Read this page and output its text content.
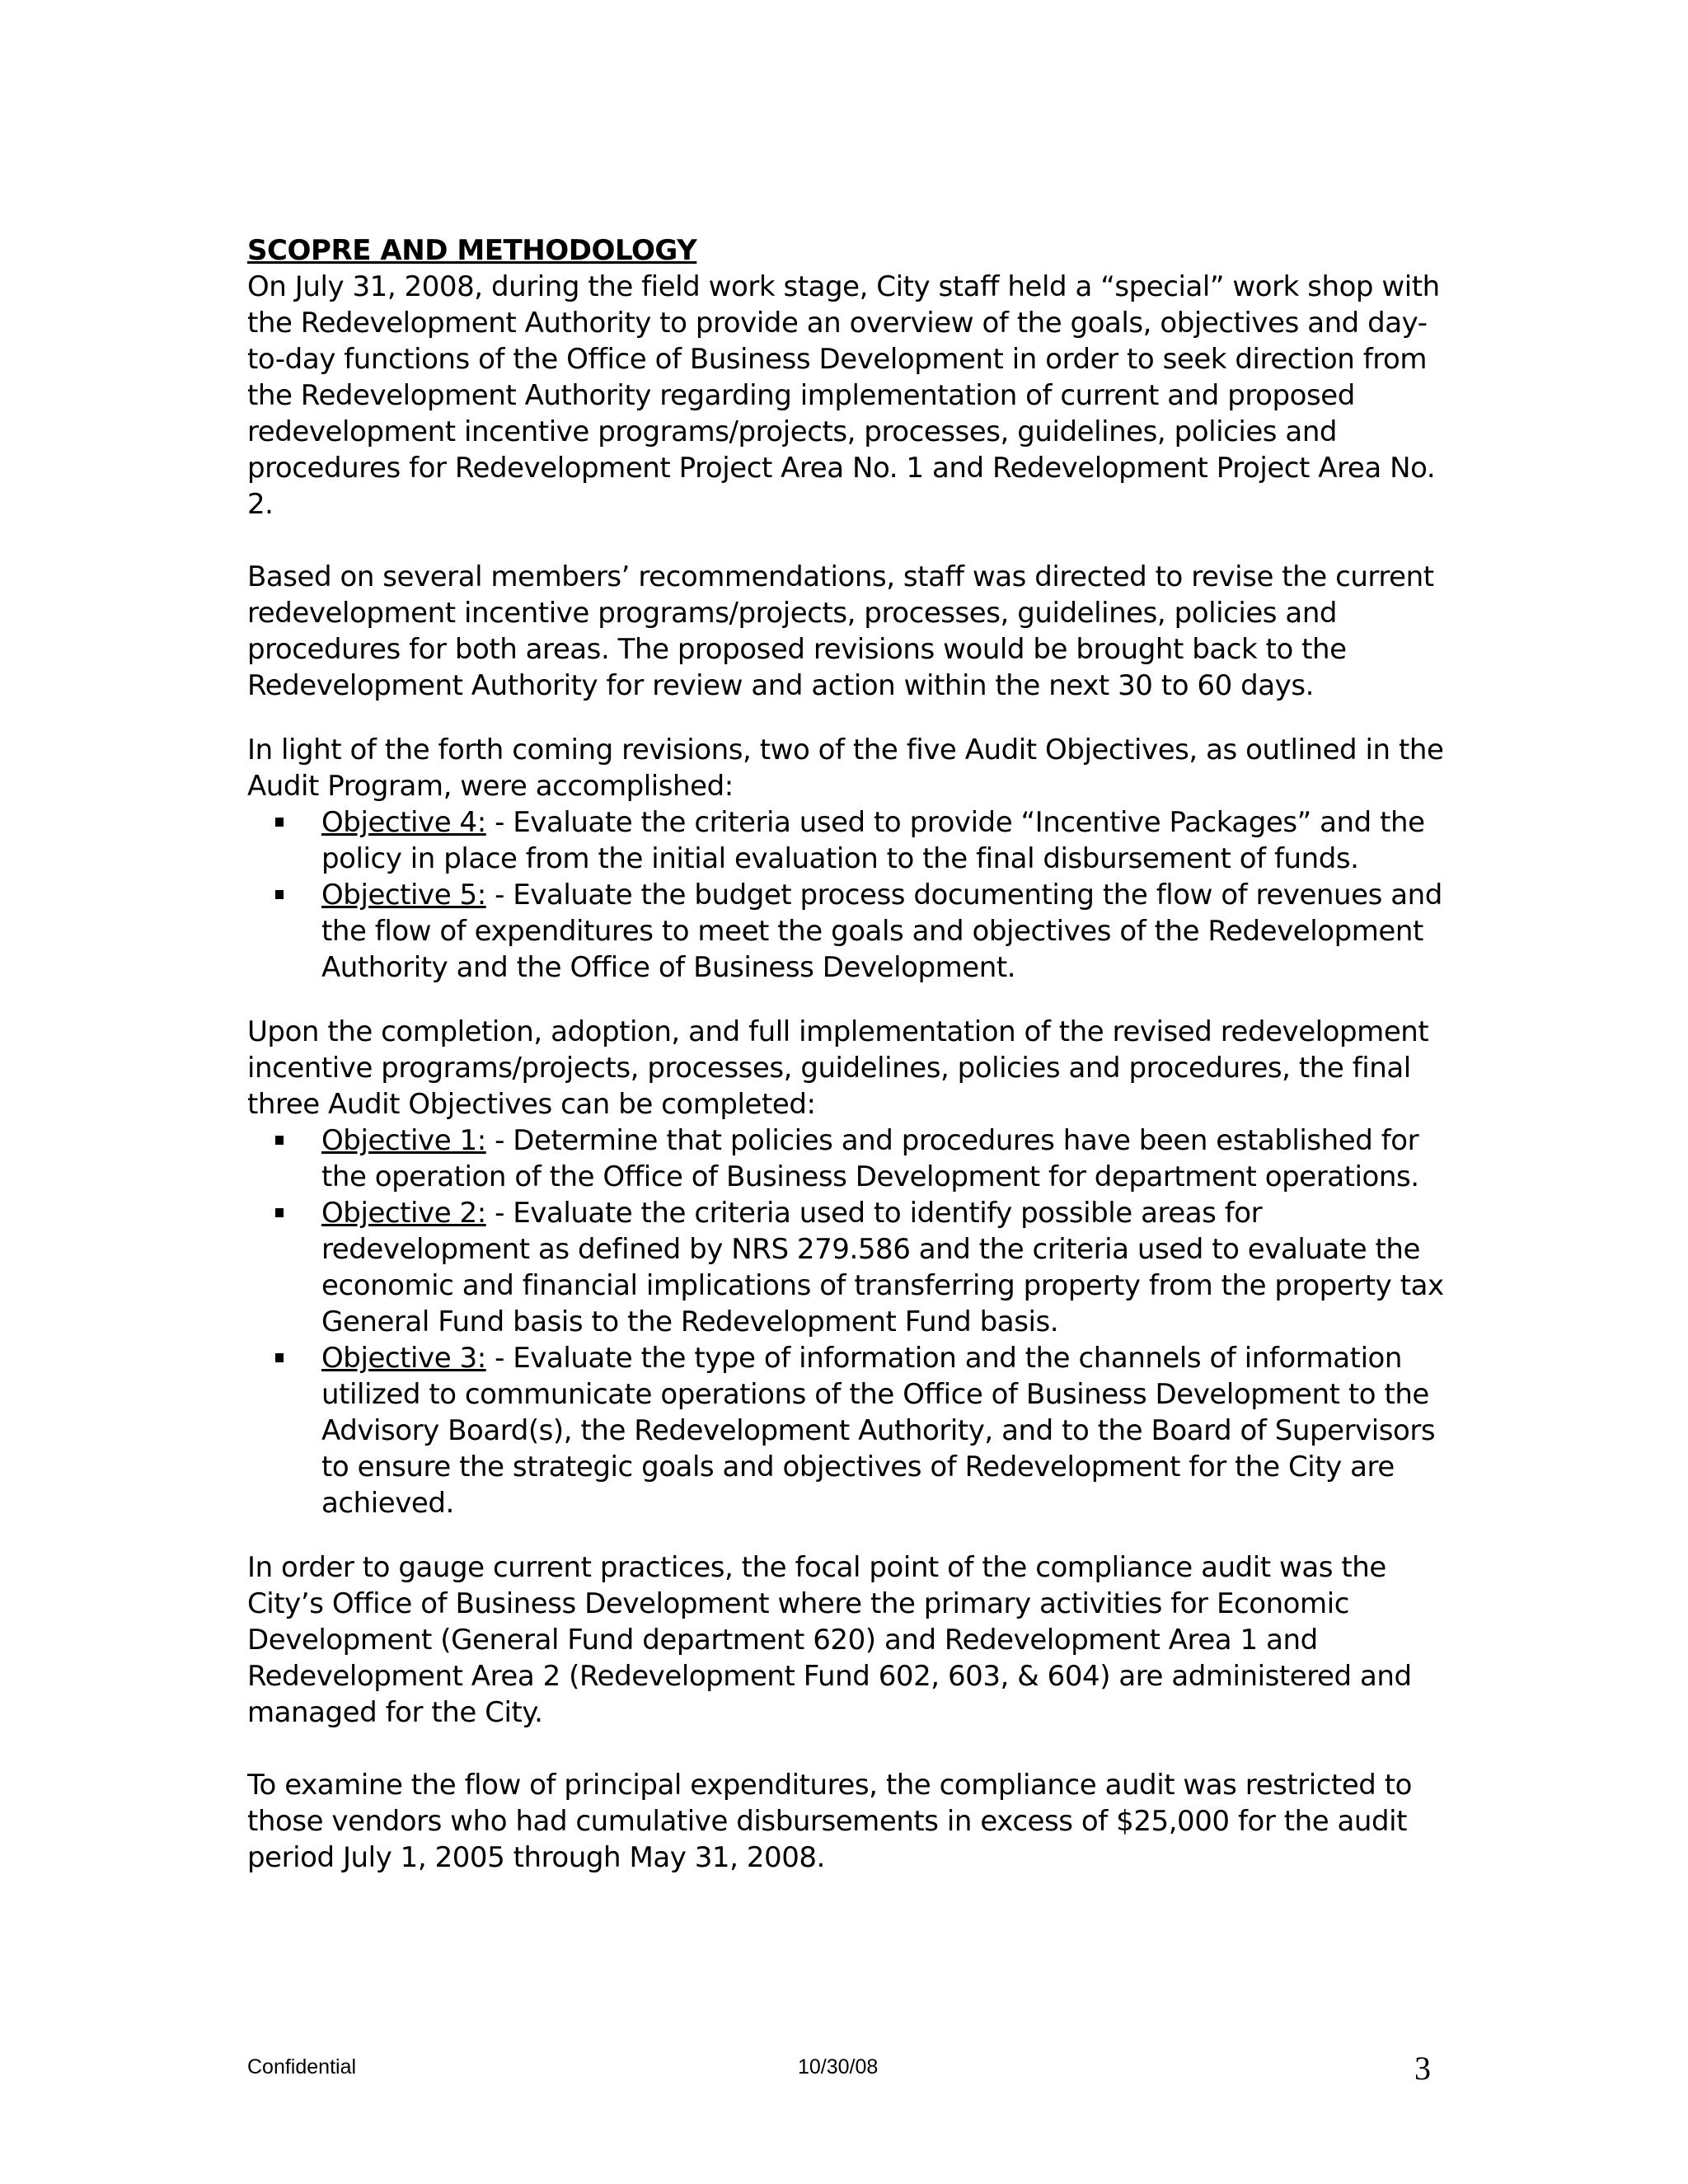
SCOPRE AND METHODOLOGY

On July 31, 2008, during the field work stage, City staff held a “special” work shop with the Redevelopment Authority to provide an overview of the goals, objectives and day-to-day functions of the Office of Business Development in order to seek direction from the Redevelopment Authority regarding implementation of current and proposed redevelopment incentive programs/projects, processes, guidelines, policies and procedures for Redevelopment Project Area No. 1 and Redevelopment Project Area No. 2.

Based on several members’ recommendations, staff was directed to revise the current redevelopment incentive programs/projects, processes, guidelines, policies and procedures for both areas. The proposed revisions would be brought back to the Redevelopment Authority for review and action within the next 30 to 60 days.

In light of the forth coming revisions, two of the five Audit Objectives, as outlined in the Audit Program, were accomplished:

Objective 4: - Evaluate the criteria used to provide “Incentive Packages” and the policy in place from the initial evaluation to the final disbursement of funds.
Objective 5: - Evaluate the budget process documenting the flow of revenues and the flow of expenditures to meet the goals and objectives of the Redevelopment Authority and the Office of Business Development.

Upon the completion, adoption, and full implementation of the revised redevelopment incentive programs/projects, processes, guidelines, policies and procedures, the final three Audit Objectives can be completed:

Objective 1: - Determine that policies and procedures have been established for the operation of the Office of Business Development for department operations.
Objective 2: - Evaluate the criteria used to identify possible areas for redevelopment as defined by NRS 279.586 and the criteria used to evaluate the economic and financial implications of transferring property from the property tax General Fund basis to the Redevelopment Fund basis.
Objective 3: - Evaluate the type of information and the channels of information utilized to communicate operations of the Office of Business Development to the Advisory Board(s), the Redevelopment Authority, and to the Board of Supervisors to ensure the strategic goals and objectives of Redevelopment for the City are achieved.

In order to gauge current practices, the focal point of the compliance audit was the City’s Office of Business Development where the primary activities for Economic Development (General Fund department 620) and Redevelopment Area 1 and Redevelopment Area 2 (Redevelopment Fund 602, 603, & 604) are administered and managed for the City.

To examine the flow of principal expenditures, the compliance audit was restricted to those vendors who had cumulative disbursements in excess of $25,000 for the audit period July 1, 2005 through May 31, 2008.

Confidential	10/30/08	3
